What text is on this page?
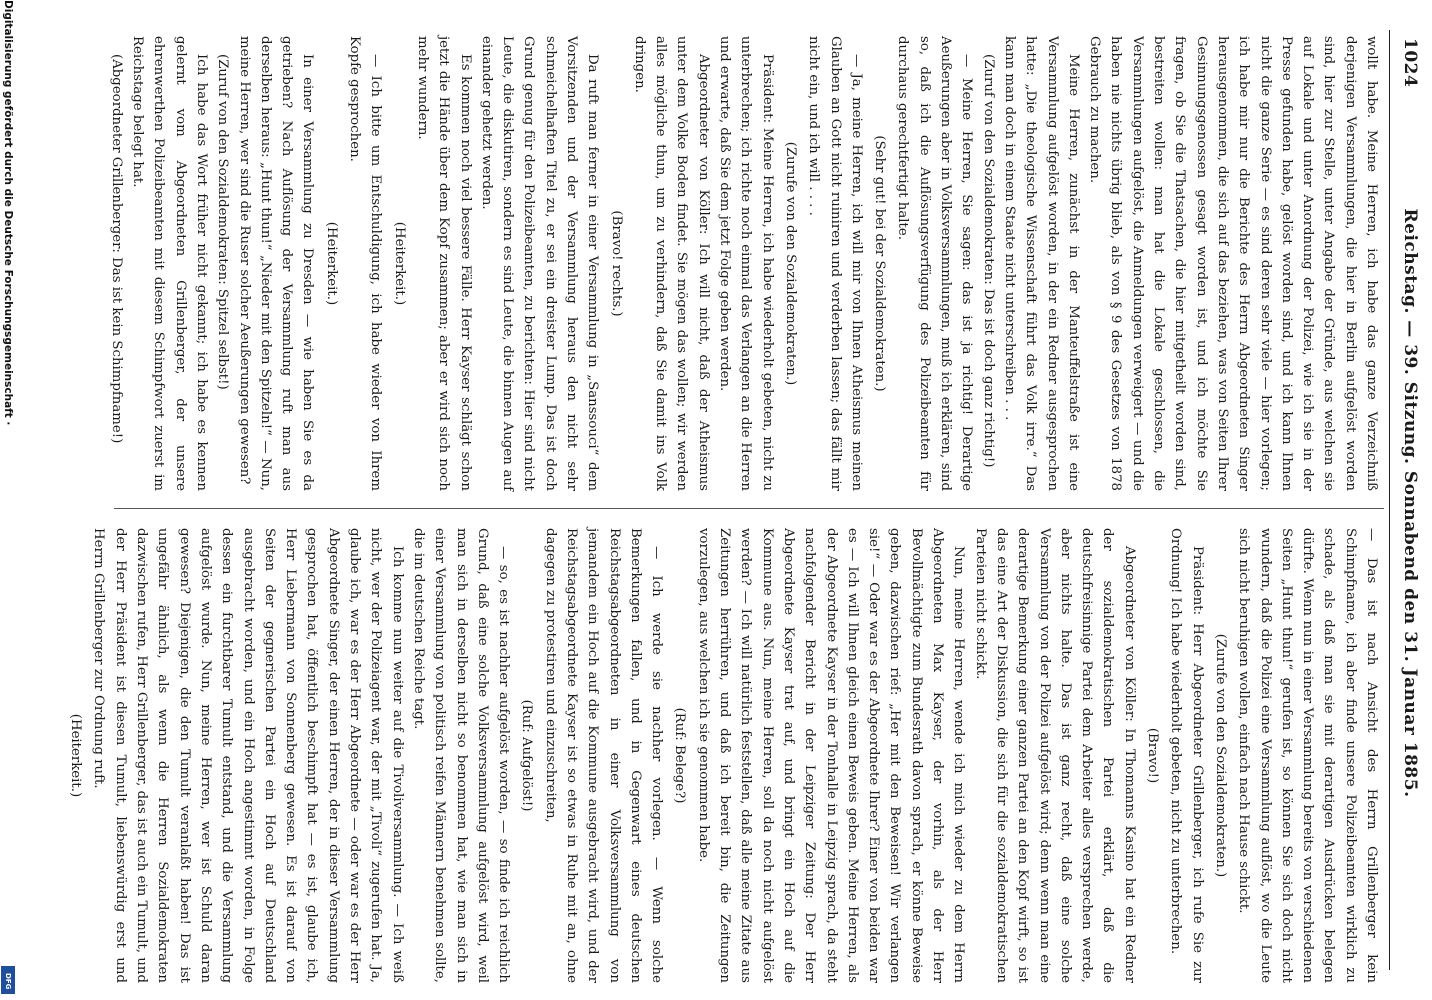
Digitalisierung gefördert durch die Deutsche Forschungsgemeinschaft ·
DFG
1024
Reichstag. — 39. Sitzung. Sonnabend den 31. Januar 1885.

wollt habe. Meine Herren, ich habe das ganze Verzeichniß derjenigen Versammlungen, die hier in Berlin aufgelöst worden sind, hier zur Stelle, unter Angabe der Gründe, aus welchen sie auf Lokale und unter Anordnung der Polizei, wie ich sie in der Presse gefunden habe, gelöst worden sind, und ich kann Ihnen nicht die ganze Serie — es sind deren sehr viele — hier vorlegen; ich habe mir nur die Berichte des Herrn Abgeordneten Singer herausgenommen, die sich auf das beziehen, was von Seiten Ihrer Gesinnungsgenossen gesagt worden ist, und ich möchte Sie fragen, ob Sie die Thatsachen, die hier mitgetheilt worden sind, bestreiten wollen: man hat die Lokale geschlossen, die Versammlungen aufgelöst, die Anmeldungen verweigert — und die haben nie nichts übrig blieb, als von § 9 des Gesetzes von 1878 Gebrauch zu machen.

Meine Herren, zunächst in der Manteuffelstraße ist eine Versammlung aufgelöst worden, in der ein Redner ausgesprochen hatte: „Die theologische Wissenschaft führt das Volk irre.“ Das kann man doch in einem Staate nicht unterschreiben . . .

(Zuruf von den Sozialdemokraten: Das ist doch ganz richtig!)

— Meine Herren, Sie sagen: das ist ja richtig! Derartige Aeußerungen aber in Volksversammlungen, muß ich erklären, sind so, daß ich die Auflösungsverfügung des Polizeibeamten für durchaus gerechtfertigt halte.

(Sehr gut! bei der Sozialdemokraten.)

— Ja, meine Herren, ich will mir von Ihnen Atheismus meinen Glauben an Gott nicht ruiniren und verderben lassen; das fällt mir nicht ein, und ich will . . . .

(Zurufe von den Sozialdemokraten.)

Präsident: Meine Herren, ich habe wiederholt gebeten, nicht zu unterbrechen; ich richte noch einmal das Verlangen an die Herren und erwarte, daß Sie dem jetzt Folge geben werden.

Abgeordneter von Köller: Ich will nicht, daß der Atheismus unter dem Volke Boden findet. Sie mögen das wollen; wir werden alles mögliche thun, um zu verhindern, daß Sie damit ins Volk dringen.

(Bravo! rechts.)

Da ruft man ferner in einer Versammlung in „Sanssouci“ dem Vorsitzenden und der Versammlung heraus den nicht sehr schmeichelhaften Titel zu, er sei ein dreister Lump. Das ist doch Grund genug für den Polizeibeamten, zu berichten: Hier sind nicht Leute, die diskutiren, sondern es sind Leute, die binnen Augen auf einander gehetzt werden.

Es kommen noch viel bessere Fälle. Herr Kayser schlägt schon jetzt die Hände über dem Kopf zusammen; aber er wird sich noch mehr wundern.

(Heiterkeit.)

— Ich bitte um Entschuldigung, ich habe wieder von Ihrem Kopfe gesprochen.

(Heiterkeit.)

In einer Versammlung zu Dresden — wie haben Sie es da getrieben? Nach Auflösung der Versammlung ruft man aus derselben heraus: „Hunt thun!“ „Nieder mit den Spitzeln!“ — Nun, meine Herren, wer sind die Ruser solcher Aeußerungen gewesen?

(Zuruf von den Sozialdemokraten: Spitzel selbst!)

Ich habe das Wort früher nicht gekannt; ich habe es kennen gelernt vom Abgeordneten Grillenberger, der unsere ehrenwerthen Polizeibeamten mit diesem Schimpfwort zuerst im Reichstage belegt hat.

(Abgeordneter Grillenberger: Das ist kein Schimpfname!)

— Das ist nach Ansicht des Herrn Grillenberger kein Schimpfname, ich aber finde unsere Polizeibeamten wirklich zu schade, als daß man sie mit derartigen Ausdrücken belegen dürfte. Wenn nun in einer Versammlung bereits von verschiedenen Seiten „Hunt thun!“ gerufen ist, so können Sie sich doch nicht wundern, daß die Polizei eine Versammlung auflöst, wo die Leute sich nicht beruhigen wollen, einfach nach Hause schickt.

(Zurufe von den Sozialdemokraten.)

Präsident: Herr Abgeordneter Grillenberger, ich rufe Sie zur Ordnung! Ich habe wiederholt gebeten, nicht zu unterbrechen.

(Bravo!)

Abgeordneter von Köller: In Thomanns Kasino hat ein Redner der sozialdemokratischen Partei erklärt, daß die deutschfreisinnige Partei dem Arbeiter alles versprechen werde, aber nichts halte. Das ist ganz recht, daß eine solche Versammlung von der Polizei aufgelöst wird; denn wenn man eine derartige Bemerkung einer ganzen Partei an den Kopf wirft, so ist das eine Art der Diskussion, die sich für die sozialdemokratischen Parteien nicht schickt.

Nun, meine Herren, wende ich mich wieder zu dem Herrn Abgeordneten Max Kayser, der vorhin, als der Herr Bevollmächtigte zum Bundesrath davon sprach, er könne Beweise geben, dazwischen rief: „Her mit den Beweisen! Wir verlangen sie!“ — Oder war es der Abgeordnete Ihrer? Einer von beiden war es — Ich will Ihnen gleich einen Beweis geben. Meine Herren, als der Abgeordnete Kayser in der Tonhalle in Leipzig sprach, da steht nachfolgender Bericht in der Leipziger Zeitung: Der Herr Abgeordnete Kayser trat auf, und bringt ein Hoch auf die Kommune aus. Nun, meine Herren, soll da noch nicht aufgelöst werden? — Ich will natürlich feststellen, daß alle meine Zitate aus Zeitungen herrühren, und daß ich bereit bin, die Zeitungen vorzulegen, aus welchen ich sie genommen habe.

(Ruf: Belege?)

— Ich werde sie nachher vorlegen. — Wenn solche Bemerkungen fallen, und in Gegenwart eines deutschen Reichstagsabgeordneten in einer Volksversammlung von jemandem ein Hoch auf die Kommune ausgebracht wird, und der Reichstagsabgeordnete Kayser ist so etwas in Ruhe mit an, ohne dagegen zu protestiren und einzuschreiten,

(Ruf: Aufgelöst!)

— so, es ist nachher aufgelöst worden, — so finde ich reichlich Grund, daß eine solche Volksversammlung aufgelöst wird, weil man sich in derselben nicht so benommen hat, wie man sich in einer Versammlung von politisch reifen Männern benehmen sollte, die im deutschen Reiche tagt.

Ich komme nun weiter auf die Tivoliversammlung. — Ich weiß nicht, wer der Polizeiagent war, der mit „Tivoli“ zugerufen hat. Ja, glaube ich, war es der Herr Abgeordnete — oder war es der Herr Abgeordnete Singer, der einen Herren, der in dieser Versammlung gesprochen hat, öffentlich beschimpft hat — es ist, glaube ich, Herr Liebermann von Sonnenberg gewesen. Es ist darauf von Seiten der gegnerischen Partei ein Hoch auf Deutschland ausgebracht worden, und ein Hoch angestimmt worden, in Folge dessen ein furchtbarer Tumult entstand, und die Versammlung aufgelöst wurde. Nun, meine Herren, wer ist Schuld daran gewesen? Diejenigen, die den Tumult veranlaßt haben! Das ist ungefähr ähnlich, als wenn die Herren Sozialdemokraten dazwischen rufen, Herr Grillenberger, das ist auch ein Tumult, und der Herr Präsident ist diesen Tumult, liebenswürdig erst und Herrn Grillenberger zur Ordnung ruft.

(Heiterkeit.)
